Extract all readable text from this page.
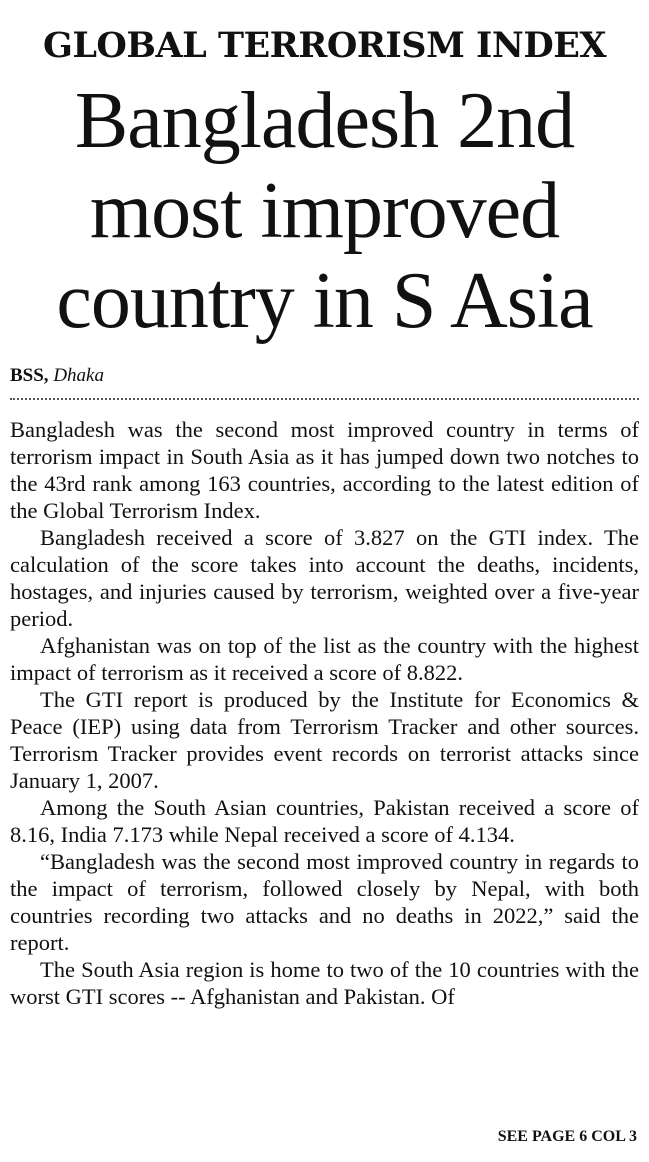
GLOBAL TERRORISM INDEX
Bangladesh 2nd
most improved
country in S Asia
BSS, Dhaka

Bangladesh was the second most improved country in terms of terrorism impact in South Asia as it has jumped down two notches to the 43rd rank among 163 countries, according to the latest edition of the Global Terrorism Index.

Bangladesh received a score of 3.827 on the GTI index. The calculation of the score takes into account the deaths, incidents, hostages, and injuries caused by terrorism, weighted over a five-year period.

Afghanistan was on top of the list as the country with the highest impact of terrorism as it received a score of 8.822.

The GTI report is produced by the Institute for Economics & Peace (IEP) using data from Terrorism Tracker and other sources. Terrorism Tracker provides event records on terrorist attacks since January 1, 2007.

Among the South Asian countries, Pakistan received a score of 8.16, India 7.173 while Nepal received a score of 4.134.

“Bangladesh was the second most improved country in regards to the impact of terrorism, followed closely by Nepal, with both countries recording two attacks and no deaths in 2022,” said the report.

The South Asia region is home to two of the 10 countries with the worst GTI scores -- Afghanistan and Pakistan. Of

SEE PAGE 6 COL 3
